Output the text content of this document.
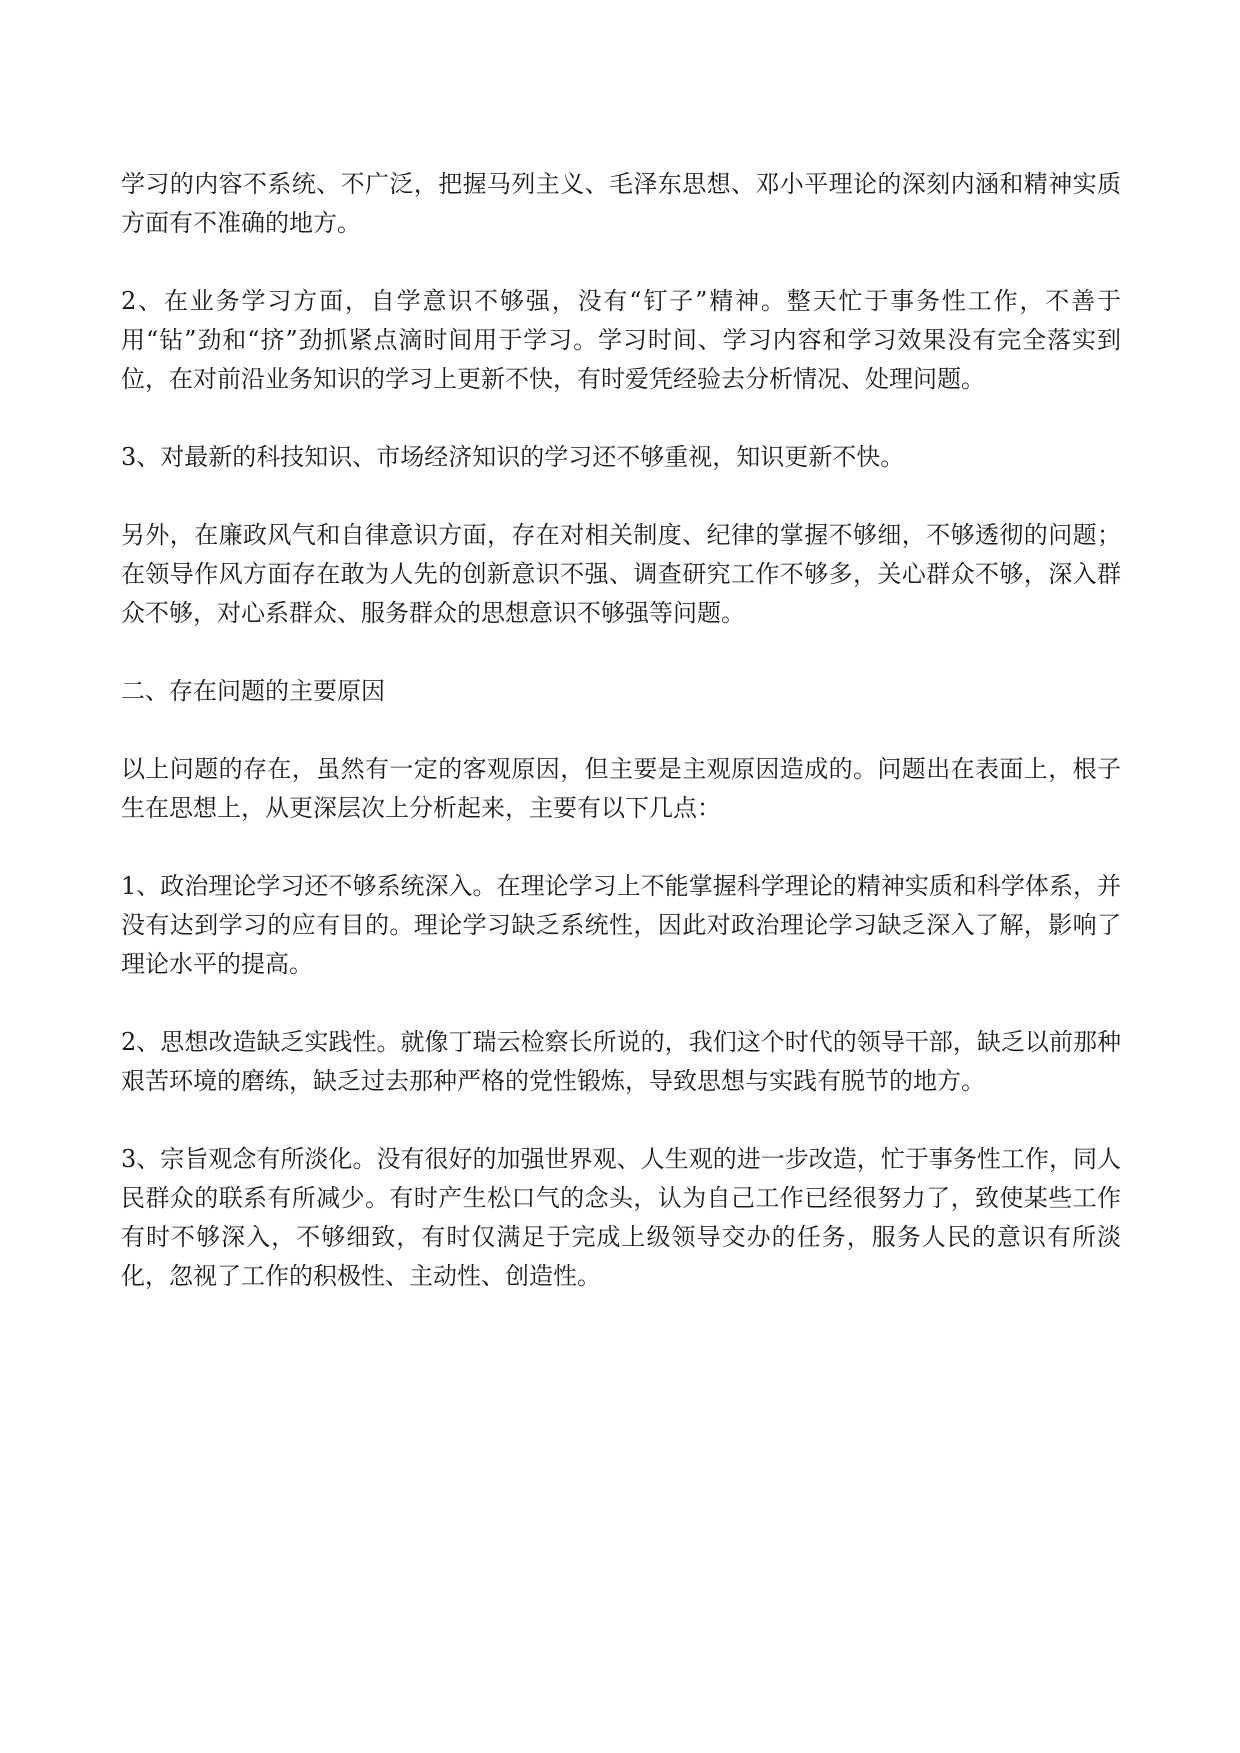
学习的内容不系统、不广泛，把握马列主义、毛泽东思想、邓小平理论的深刻内涵和精神实质方面有不准确的地方。

2、在业务学习方面，自学意识不够强，没有“钉子”精神。整天忙于事务性工作，不善于用“钻”劲和“挤”劲抓紧点滴时间用于学习。学习时间、学习内容和学习效果没有完全落实到位，在对前沿业务知识的学习上更新不快，有时爱凭经验去分析情况、处理问题。

3、对最新的科技知识、市场经济知识的学习还不够重视，知识更新不快。

另外，在廉政风气和自律意识方面，存在对相关制度、纪律的掌握不够细，不够透彻的问题；在领导作风方面存在敢为人先的创新意识不强、调查研究工作不够多，关心群众不够，深入群众不够，对心系群众、服务群众的思想意识不够强等问题。

二、存在问题的主要原因

以上问题的存在，虽然有一定的客观原因，但主要是主观原因造成的。问题出在表面上，根子生在思想上，从更深层次上分析起来，主要有以下几点：

1、政治理论学习还不够系统深入。在理论学习上不能掌握科学理论的精神实质和科学体系，并没有达到学习的应有目的。理论学习缺乏系统性，因此对政治理论学习缺乏深入了解，影响了理论水平的提高。

2、思想改造缺乏实践性。就像丁瑞云检察长所说的，我们这个时代的领导干部，缺乏以前那种艰苦环境的磨练，缺乏过去那种严格的党性锻炼，导致思想与实践有脱节的地方。

3、宗旨观念有所淡化。没有很好的加强世界观、人生观的进一步改造，忙于事务性工作，同人民群众的联系有所减少。有时产生松口气的念头，认为自己工作已经很努力了，致使某些工作有时不够深入，不够细致，有时仅满足于完成上级领导交办的任务，服务人民的意识有所淡化，忽视了工作的积极性、主动性、创造性。
